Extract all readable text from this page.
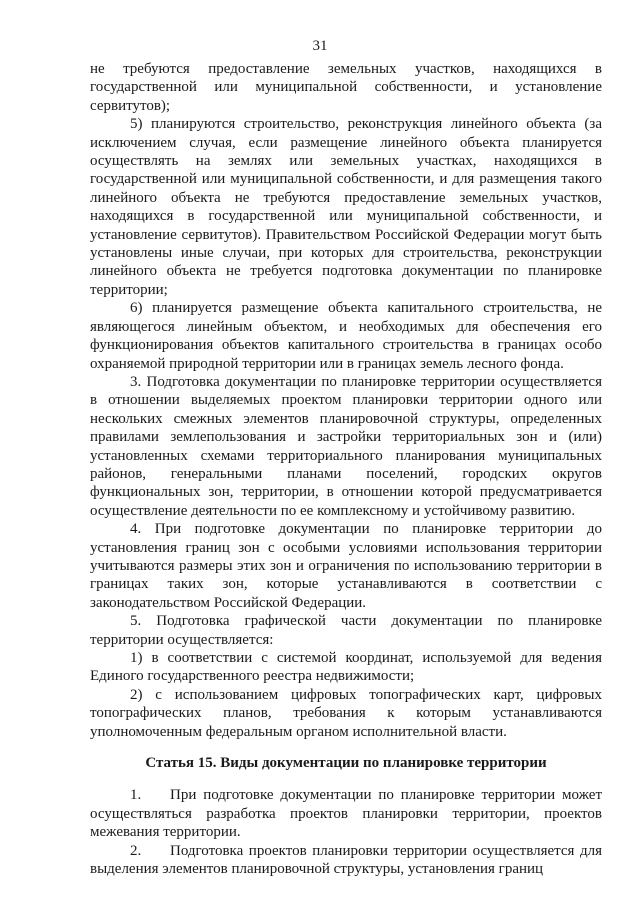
31

не требуются предоставление земельных участков, находящихся в государственной или муниципальной собственности, и установление сервитутов);

5) планируются строительство, реконструкция линейного объекта (за исключением случая, если размещение линейного объекта планируется осуществлять на землях или земельных участках, находящихся в государственной или муниципальной собственности, и для размещения такого линейного объекта не требуются предоставление земельных участков, находящихся в государственной или муниципальной собственности, и установление сервитутов). Правительством Российской Федерации могут быть установлены иные случаи, при которых для строительства, реконструкции линейного объекта не требуется подготовка документации по планировке территории;

6) планируется размещение объекта капитального строительства, не являющегося линейным объектом, и необходимых для обеспечения его функционирования объектов капитального строительства в границах особо охраняемой природной территории или в границах земель лесного фонда.

3. Подготовка документации по планировке территории осуществляется в отношении выделяемых проектом планировки территории одного или нескольких смежных элементов планировочной структуры, определенных правилами землепользования и застройки территориальных зон и (или) установленных схемами территориального планирования муниципальных районов, генеральными планами поселений, городских округов функциональных зон, территории, в отношении которой предусматривается осуществление деятельности по ее комплексному и устойчивому развитию.

4. При подготовке документации по планировке территории до установления границ зон с особыми условиями использования территории учитываются размеры этих зон и ограничения по использованию территории в границах таких зон, которые устанавливаются в соответствии с законодательством Российской Федерации.

5. Подготовка графической части документации по планировке территории осуществляется:

1) в соответствии с системой координат, используемой для ведения Единого государственного реестра недвижимости;

2) с использованием цифровых топографических карт, цифровых топографических планов, требования к которым устанавливаются уполномоченным федеральным органом исполнительной власти.

Статья 15. Виды документации по планировке территории

1. При подготовке документации по планировке территории может осуществляться разработка проектов планировки территории, проектов межевания территории.

2. Подготовка проектов планировки территории осуществляется для выделения элементов планировочной структуры, установления границ
